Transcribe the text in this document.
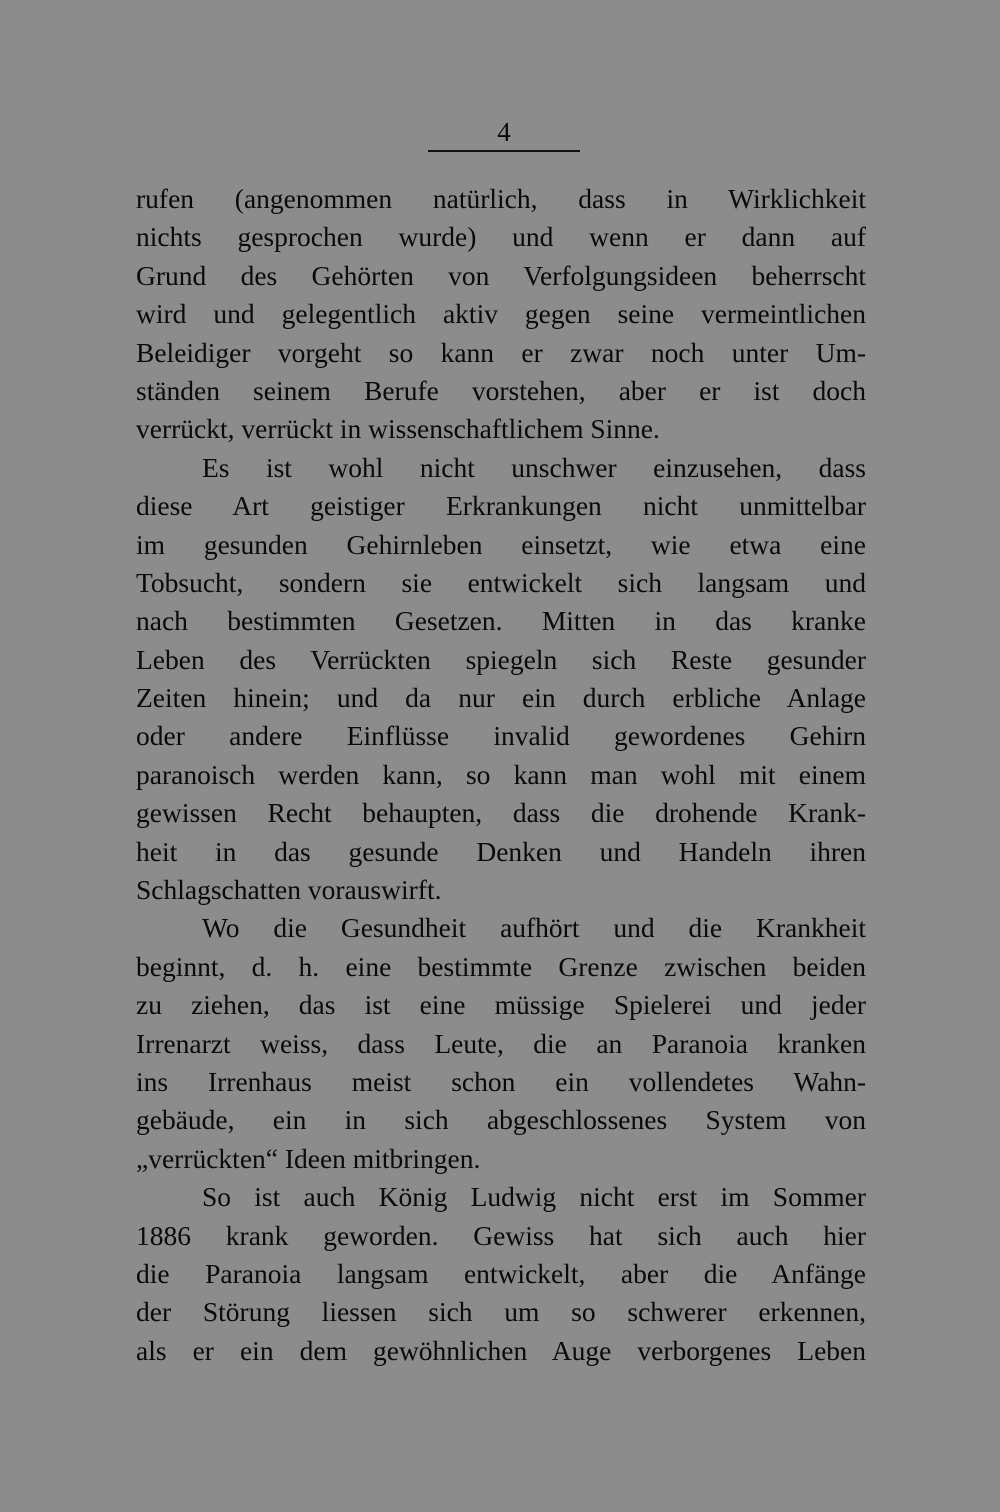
4
rufen (angenommen natürlich, dass in Wirklichkeit
nichts gesprochen wurde) und wenn er dann auf
Grund des Gehörten von Verfolgungsideen beherrscht
wird und gelegentlich aktiv gegen seine vermeintlichen
Beleidiger vorgeht so kann er zwar noch unter Um-
ständen seinem Berufe vorstehen, aber er ist doch
verrückt, verrückt in wissenschaftlichem Sinne.
Es ist wohl nicht unschwer einzusehen, dass
diese Art geistiger Erkrankungen nicht unmittelbar
im gesunden Gehirnleben einsetzt, wie etwa eine
Tobsucht, sondern sie entwickelt sich langsam und
nach bestimmten Gesetzen. Mitten in das kranke
Leben des Verrückten spiegeln sich Reste gesunder
Zeiten hinein; und da nur ein durch erbliche Anlage
oder andere Einflüsse invalid gewordenes Gehirn
paranoisch werden kann, so kann man wohl mit einem
gewissen Recht behaupten, dass die drohende Krank-
heit in das gesunde Denken und Handeln ihren
Schlagschatten vorauswirft.
Wo die Gesundheit aufhört und die Krankheit
beginnt, d. h. eine bestimmte Grenze zwischen beiden
zu ziehen, das ist eine müssige Spielerei und jeder
Irrenarzt weiss, dass Leute, die an Paranoia kranken
ins Irrenhaus meist schon ein vollendetes Wahn-
gebäude, ein in sich abgeschlossenes System von
„verrückten“ Ideen mitbringen.
So ist auch König Ludwig nicht erst im Sommer
1886 krank geworden. Gewiss hat sich auch hier
die Paranoia langsam entwickelt, aber die Anfänge
der Störung liessen sich um so schwerer erkennen,
als er ein dem gewöhnlichen Auge verborgenes Leben
